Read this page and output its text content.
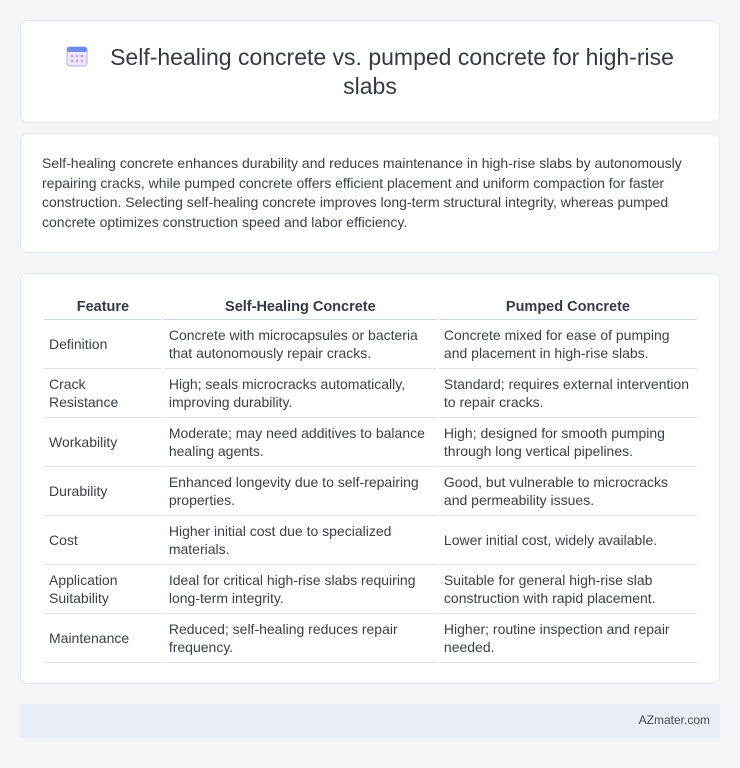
Self-healing concrete vs. pumped concrete for high-rise slabs

Self-healing concrete enhances durability and reduces maintenance in high-rise slabs by autonomously repairing cracks, while pumped concrete offers efficient placement and uniform compaction for faster construction. Selecting self-healing concrete improves long-term structural integrity, whereas pumped concrete optimizes construction speed and labor efficiency.

Feature	Self-Healing Concrete	Pumped Concrete
Definition	Concrete with microcapsules or bacteria that autonomously repair cracks.	Concrete mixed for ease of pumping and placement in high-rise slabs.
Crack Resistance	High; seals microcracks automatically, improving durability.	Standard; requires external intervention to repair cracks.
Workability	Moderate; may need additives to balance healing agents.	High; designed for smooth pumping through long vertical pipelines.
Durability	Enhanced longevity due to self-repairing properties.	Good, but vulnerable to microcracks and permeability issues.
Cost	Higher initial cost due to specialized materials.	Lower initial cost, widely available.
Application Suitability	Ideal for critical high-rise slabs requiring long-term integrity.	Suitable for general high-rise slab construction with rapid placement.
Maintenance	Reduced; self-healing reduces repair frequency.	Higher; routine inspection and repair needed.
AZmater.com
